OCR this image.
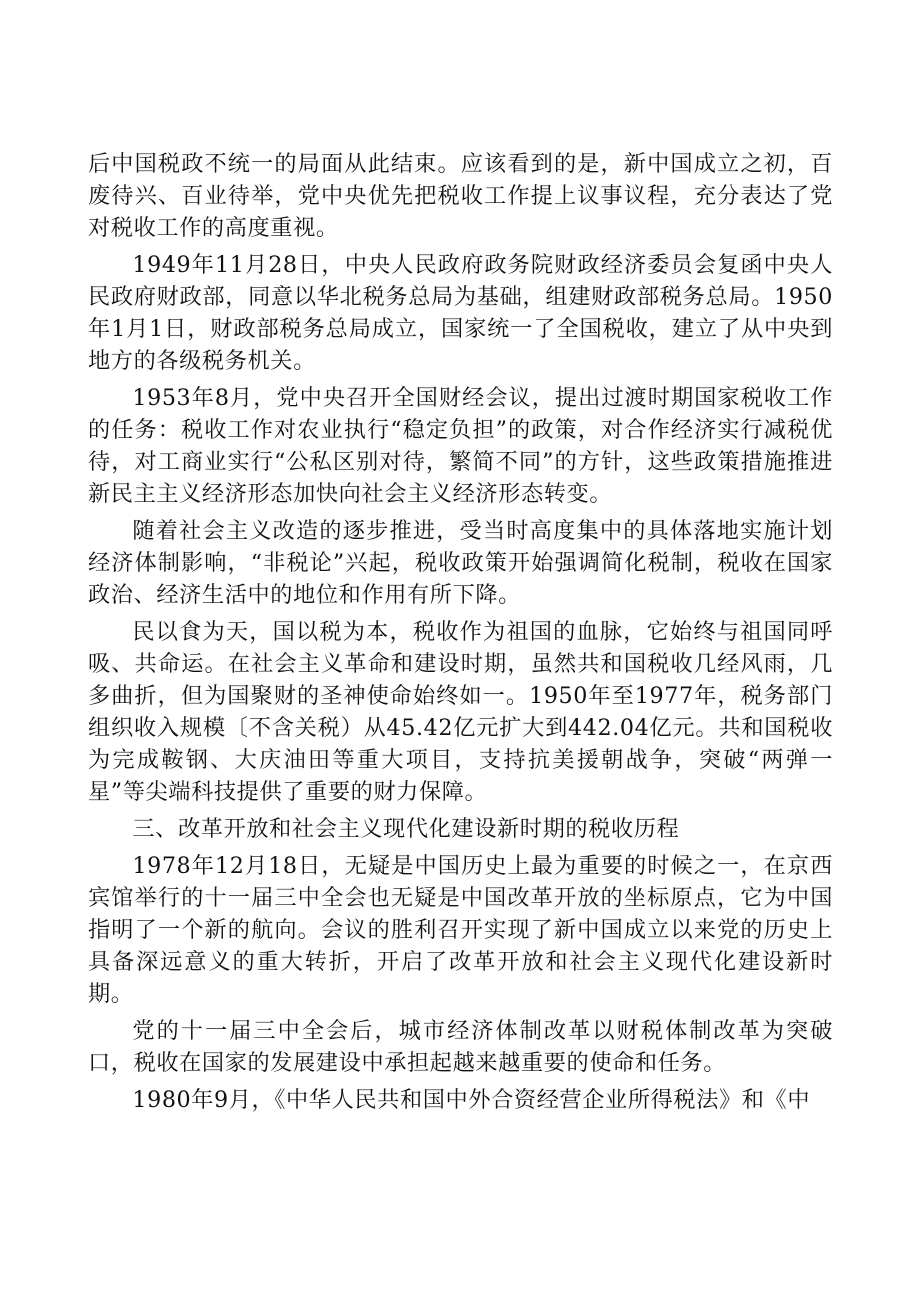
后中国税政不统一的局面从此结束。应该看到的是，新中国成立之初，百废待兴、百业待举，党中央优先把税收工作提上议事议程，充分表达了党对税收工作的高度重视。

1949年11月28日，中央人民政府政务院财政经济委员会复函中央人民政府财政部，同意以华北税务总局为基础，组建财政部税务总局。1950年1月1日，财政部税务总局成立，国家统一了全国税收，建立了从中央到地方的各级税务机关。

1953年8月，党中央召开全国财经会议，提出过渡时期国家税收工作的任务：税收工作对农业执行“稳定负担”的政策，对合作经济实行减税优待，对工商业实行“公私区别对待，繁简不同”的方针，这些政策措施推进新民主主义经济形态加快向社会主义经济形态转变。

随着社会主义改造的逐步推进，受当时高度集中的具体落地实施计划经济体制影响，“非税论”兴起，税收政策开始强调简化税制，税收在国家政治、经济生活中的地位和作用有所下降。

民以食为天，国以税为本，税收作为祖国的血脉，它始终与祖国同呼吸、共命运。在社会主义革命和建设时期，虽然共和国税收几经风雨，几多曲折，但为国聚财的圣神使命始终如一。1950年至1977年，税务部门组织收入规模〔不含关税）从45.42亿元扩大到442.04亿元。共和国税收为完成鞍钢、大庆油田等重大项目，支持抗美援朝战争，突破“两弹一星”等尖端科技提供了重要的财力保障。

三、改革开放和社会主义现代化建设新时期的税收历程

1978年12月18日，无疑是中国历史上最为重要的时候之一，在京西宾馆举行的十一届三中全会也无疑是中国改革开放的坐标原点，它为中国指明了一个新的航向。会议的胜利召开实现了新中国成立以来党的历史上具备深远意义的重大转折，开启了改革开放和社会主义现代化建设新时期。

党的十一届三中全会后，城市经济体制改革以财税体制改革为突破口，税收在国家的发展建设中承担起越来越重要的使命和任务。

1980年9月，《中华人民共和国中外合资经营企业所得税法》和《中
